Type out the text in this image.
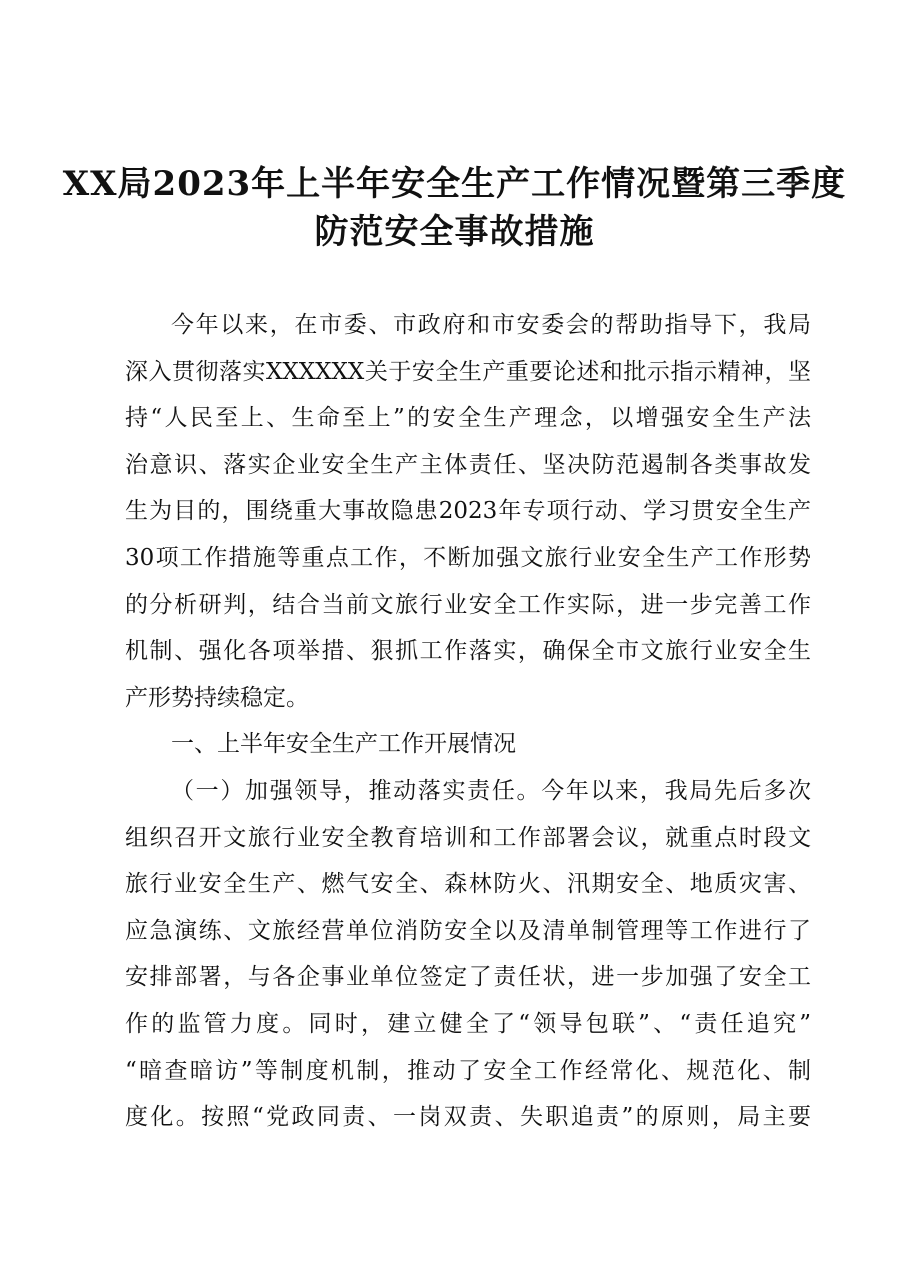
XX局2023年上半年安全生产工作情况暨第三季度
防范安全事故措施
今年以来，在市委、市政府和市安委会的帮助指导下，我局
深入贯彻落实XXXXXX关于安全生产重要论述和批示指示精神，坚
持“人民至上、生命至上”的安全生产理念，以增强安全生产法
治意识、落实企业安全生产主体责任、坚决防范遏制各类事故发
生为目的，围绕重大事故隐患2023年专项行动、学习贯安全生产
30项工作措施等重点工作，不断加强文旅行业安全生产工作形势
的分析研判，结合当前文旅行业安全工作实际，进一步完善工作
机制、强化各项举措、狠抓工作落实，确保全市文旅行业安全生
产形势持续稳定。
一、上半年安全生产工作开展情况
（一）加强领导，推动落实责任。今年以来，我局先后多次
组织召开文旅行业安全教育培训和工作部署会议，就重点时段文
旅行业安全生产、燃气安全、森林防火、汛期安全、地质灾害、
应急演练、文旅经营单位消防安全以及清单制管理等工作进行了
安排部署，与各企事业单位签定了责任状，进一步加强了安全工
作的监管力度。同时，建立健全了“领导包联”、“责任追究”
“暗查暗访”等制度机制，推动了安全工作经常化、规范化、制
度化。按照“党政同责、一岗双责、失职追责”的原则，局主要
